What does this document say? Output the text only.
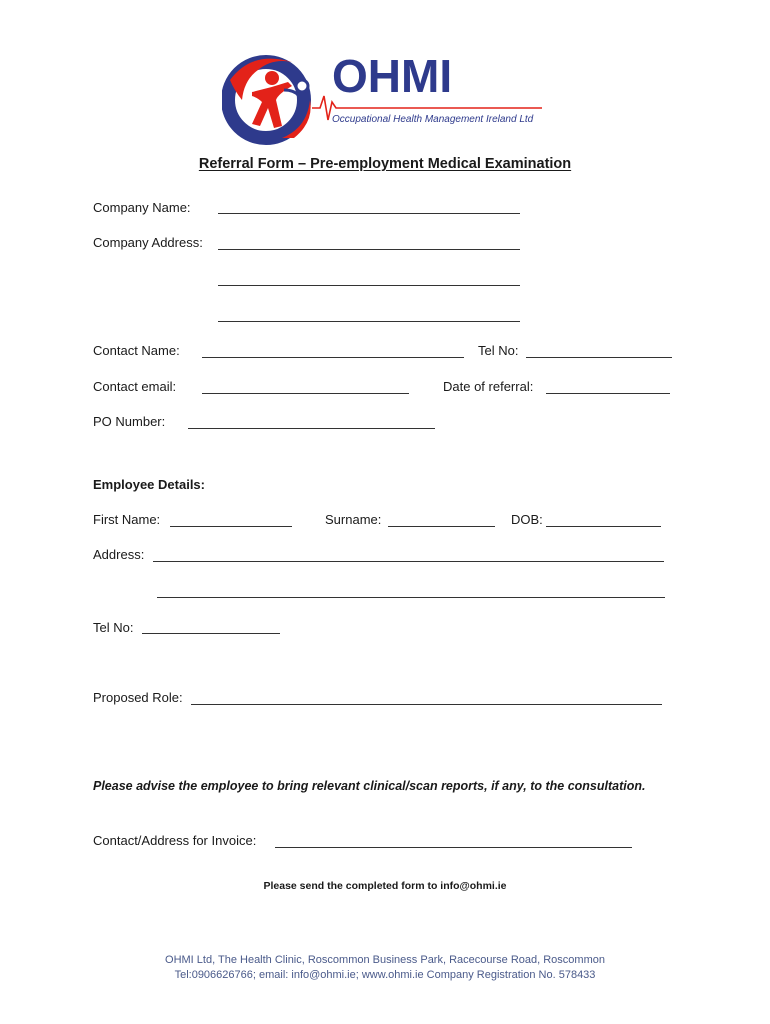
OHMI
Occupational Health Management Ireland Ltd
Referral Form – Pre-employment Medical Examination
Company Name:
Company Address:
Contact Name:	Tel No:
Contact email:	Date of referral:
PO Number:
Employee Details:
First Name:	Surname:	DOB:
Address:
Tel No:
Proposed Role:
Please advise the employee to bring relevant clinical/scan reports, if any, to the consultation.
Contact/Address for Invoice:
Please send the completed form to info@ohmi.ie
OHMI Ltd, The Health Clinic, Roscommon Business Park, Racecourse Road, Roscommon
Tel:0906626766; email: info@ohmi.ie; www.ohmi.ie Company Registration No. 578433
